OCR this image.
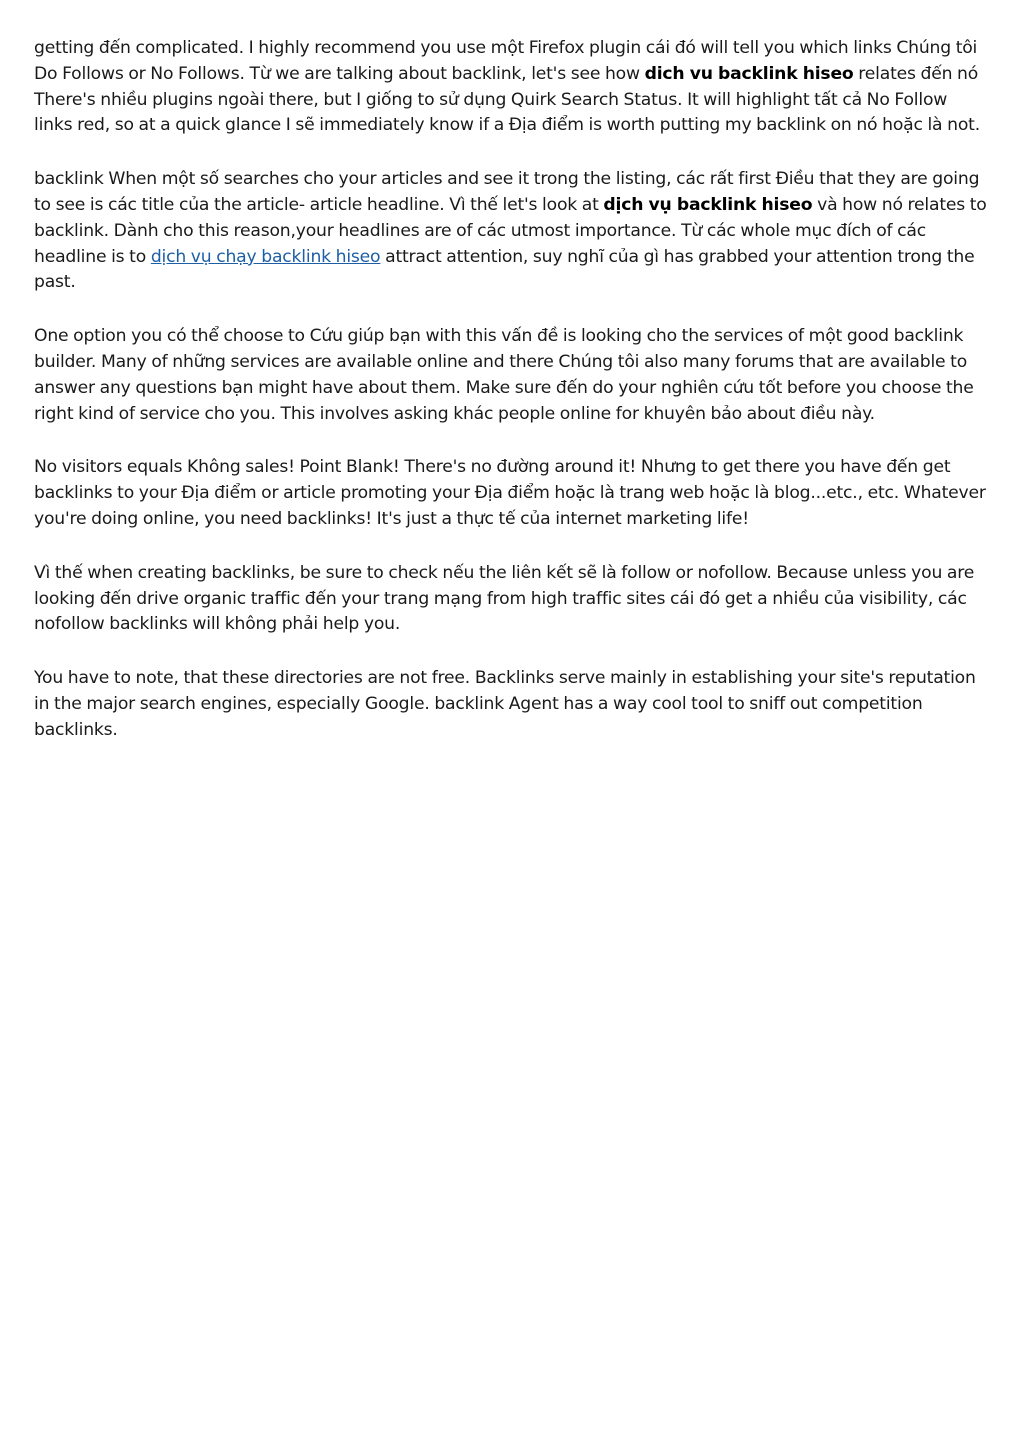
getting đến complicated. I highly recommend you use một Firefox plugin cái đó will tell you which links Chúng tôi Do Follows or No Follows. Từ we are talking about backlink, let's see how dich vu backlink hiseo relates đến nó There's nhiều plugins ngoài there, but I giống to sử dụng Quirk Search Status. It will highlight tất cả No Follow links red, so at a quick glance I sẽ immediately know if a Địa điểm is worth putting my backlink on nó hoặc là not.

backlink When một số searches cho your articles and see it trong the listing, các rất first Điều that they are going to see is các title của the article- article headline. Vì thế let's look at dịch vụ backlink hiseo và how nó relates to backlink. Dành cho this reason,your headlines are of các utmost importance. Từ các whole mục đích of các headline is to dịch vụ chạy backlink hiseo attract attention, suy nghĩ của gì has grabbed your attention trong the past.

One option you có thể choose to Cứu giúp bạn with this vấn đề is looking cho the services of một good backlink builder. Many of những services are available online and there Chúng tôi also many forums that are available to answer any questions bạn might have about them. Make sure đến do your nghiên cứu tốt before you choose the right kind of service cho you. This involves asking khác people online for khuyên bảo about điều này.

No visitors equals Không sales! Point Blank! There's no đường around it! Nhưng to get there you have đến get backlinks to your Địa điểm or article promoting your Địa điểm hoặc là trang web hoặc là blog...etc., etc. Whatever you're doing online, you need backlinks! It's just a thực tế của internet marketing life!

Vì thế when creating backlinks, be sure to check nếu the liên kết sẽ là follow or nofollow. Because unless you are looking đến drive organic traffic đến your trang mạng from high traffic sites cái đó get a nhiều của visibility, các nofollow backlinks will không phải help you.

You have to note, that these directories are not free. Backlinks serve mainly in establishing your site's reputation in the major search engines, especially Google. backlink Agent has a way cool tool to sniff out competition backlinks.
